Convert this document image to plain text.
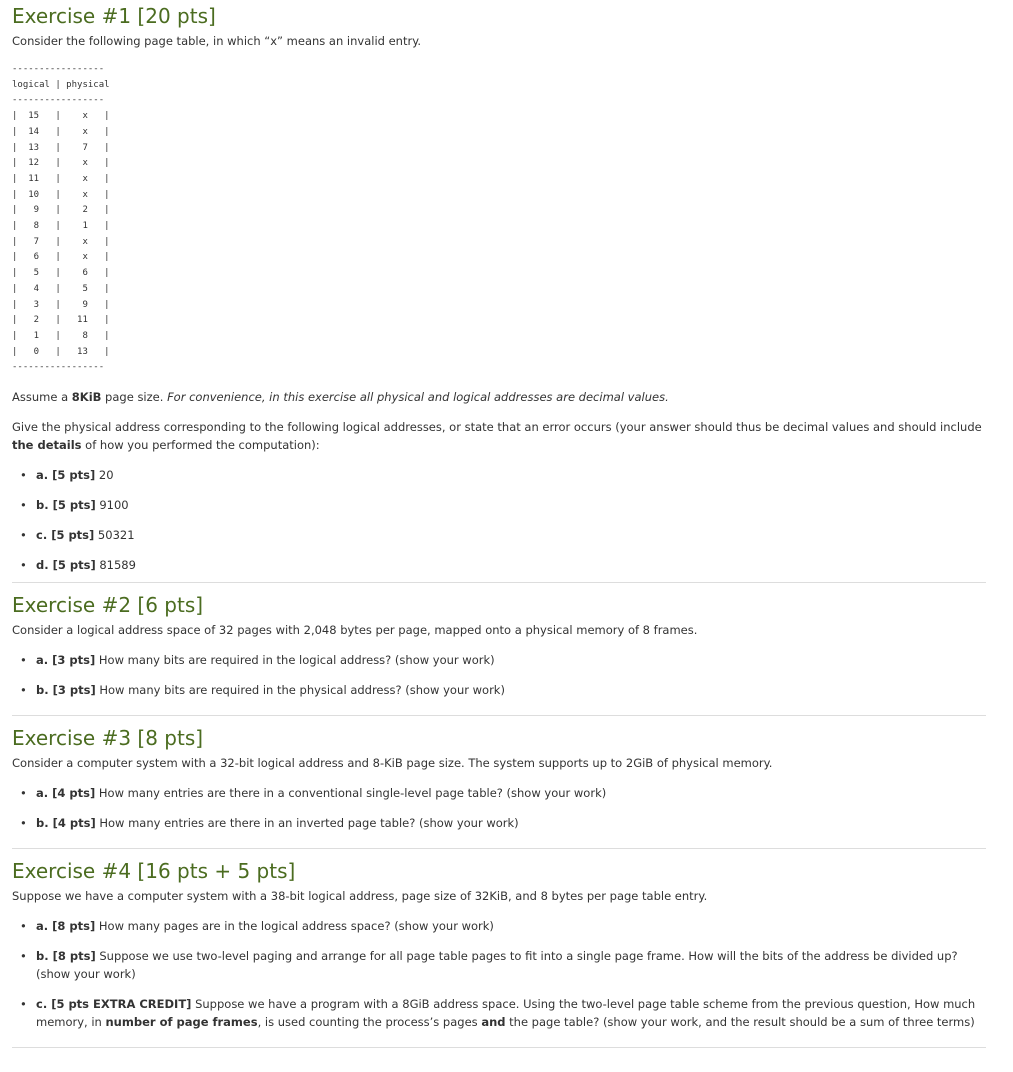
Exercise #1 [20 pts]

Consider the following page table, in which “x” means an invalid entry.

-----------------
logical | physical
-----------------
|  15   |    x   |
|  14   |    x   |
|  13   |    7   |
|  12   |    x   |
|  11   |    x   |
|  10   |    x   |
|   9   |    2   |
|   8   |    1   |
|   7   |    x   |
|   6   |    x   |
|   5   |    6   |
|   4   |    5   |
|   3   |    9   |
|   2   |   11   |
|   1   |    8   |
|   0   |   13   |
-----------------

Assume a 8KiB page size. For convenience, in this exercise all physical and logical addresses are decimal values.

Give the physical address corresponding to the following logical addresses, or state that an error occurs (your answer should thus be decimal values and should include the details of how you performed the computation):

• a. [5 pts] 20
• b. [5 pts] 9100
• c. [5 pts] 50321
• d. [5 pts] 81589
Exercise #2 [6 pts]

Consider a logical address space of 32 pages with 2,048 bytes per page, mapped onto a physical memory of 8 frames.

• a. [3 pts] How many bits are required in the logical address? (show your work)
• b. [3 pts] How many bits are required in the physical address? (show your work)
Exercise #3 [8 pts]

Consider a computer system with a 32-bit logical address and 8-KiB page size. The system supports up to 2GiB of physical memory.

• a. [4 pts] How many entries are there in a conventional single-level page table? (show your work)
• b. [4 pts] How many entries are there in an inverted page table? (show your work)
Exercise #4 [16 pts + 5 pts]

Suppose we have a computer system with a 38-bit logical address, page size of 32KiB, and 8 bytes per page table entry.

• a. [8 pts] How many pages are in the logical address space? (show your work)
• b. [8 pts] Suppose we use two-level paging and arrange for all page table pages to fit into a single page frame. How will the bits of the address be divided up? (show your work)
• c. [5 pts EXTRA CREDIT] Suppose we have a program with a 8GiB address space. Using the two-level page table scheme from the previous question, How much memory, in number of page frames, is used counting the process’s pages and the page table? (show your work, and the result should be a sum of three terms)
